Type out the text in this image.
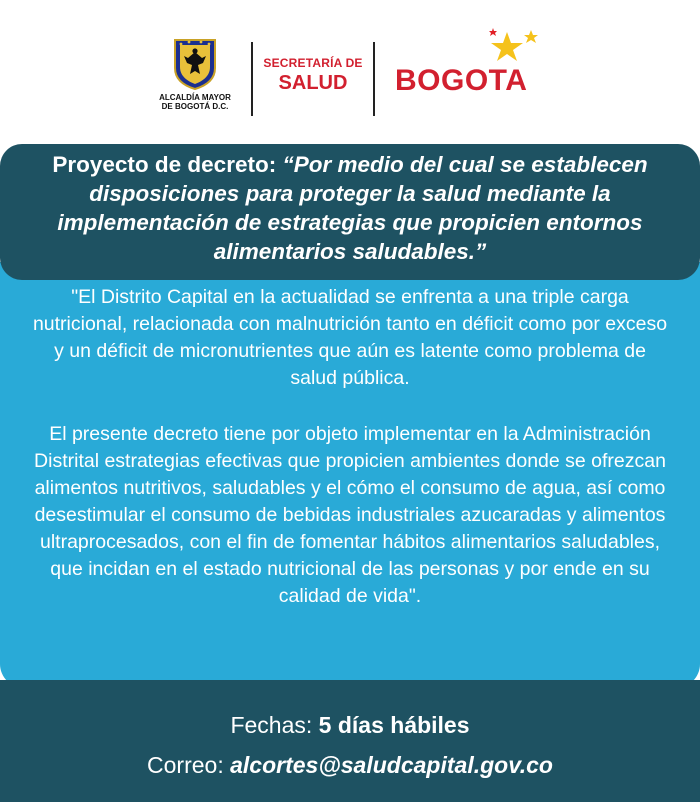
ALCALDÍA MAYOR
DE BOGOTÁ D.C.
SECRETARÍA DE
SALUD	BOGOTA

"El Distrito Capital en la actualidad se enfrenta a una triple carga nutricional, relacionada con malnutrición tanto en déficit como por exceso y un déficit de micronutrientes que aún es latente como problema de salud pública.

El presente decreto tiene por objeto implementar en la Administración Distrital estrategias efectivas que propicien ambientes donde se ofrezcan alimentos nutritivos, saludables y el cómo el consumo de agua, así como desestimular el consumo de bebidas industriales azucaradas y alimentos ultraprocesados, con el fin de fomentar hábitos alimentarios saludables, que incidan en el estado nutricional de las personas y por ende en su calidad de vida".

Proyecto de decreto: “Por medio del cual se establecen disposiciones para proteger la salud mediante la implementación de estrategias que propicien entornos alimentarios saludables.”
Fechas: 5 días hábiles
Correo: alcortes@saludcapital.gov.co
